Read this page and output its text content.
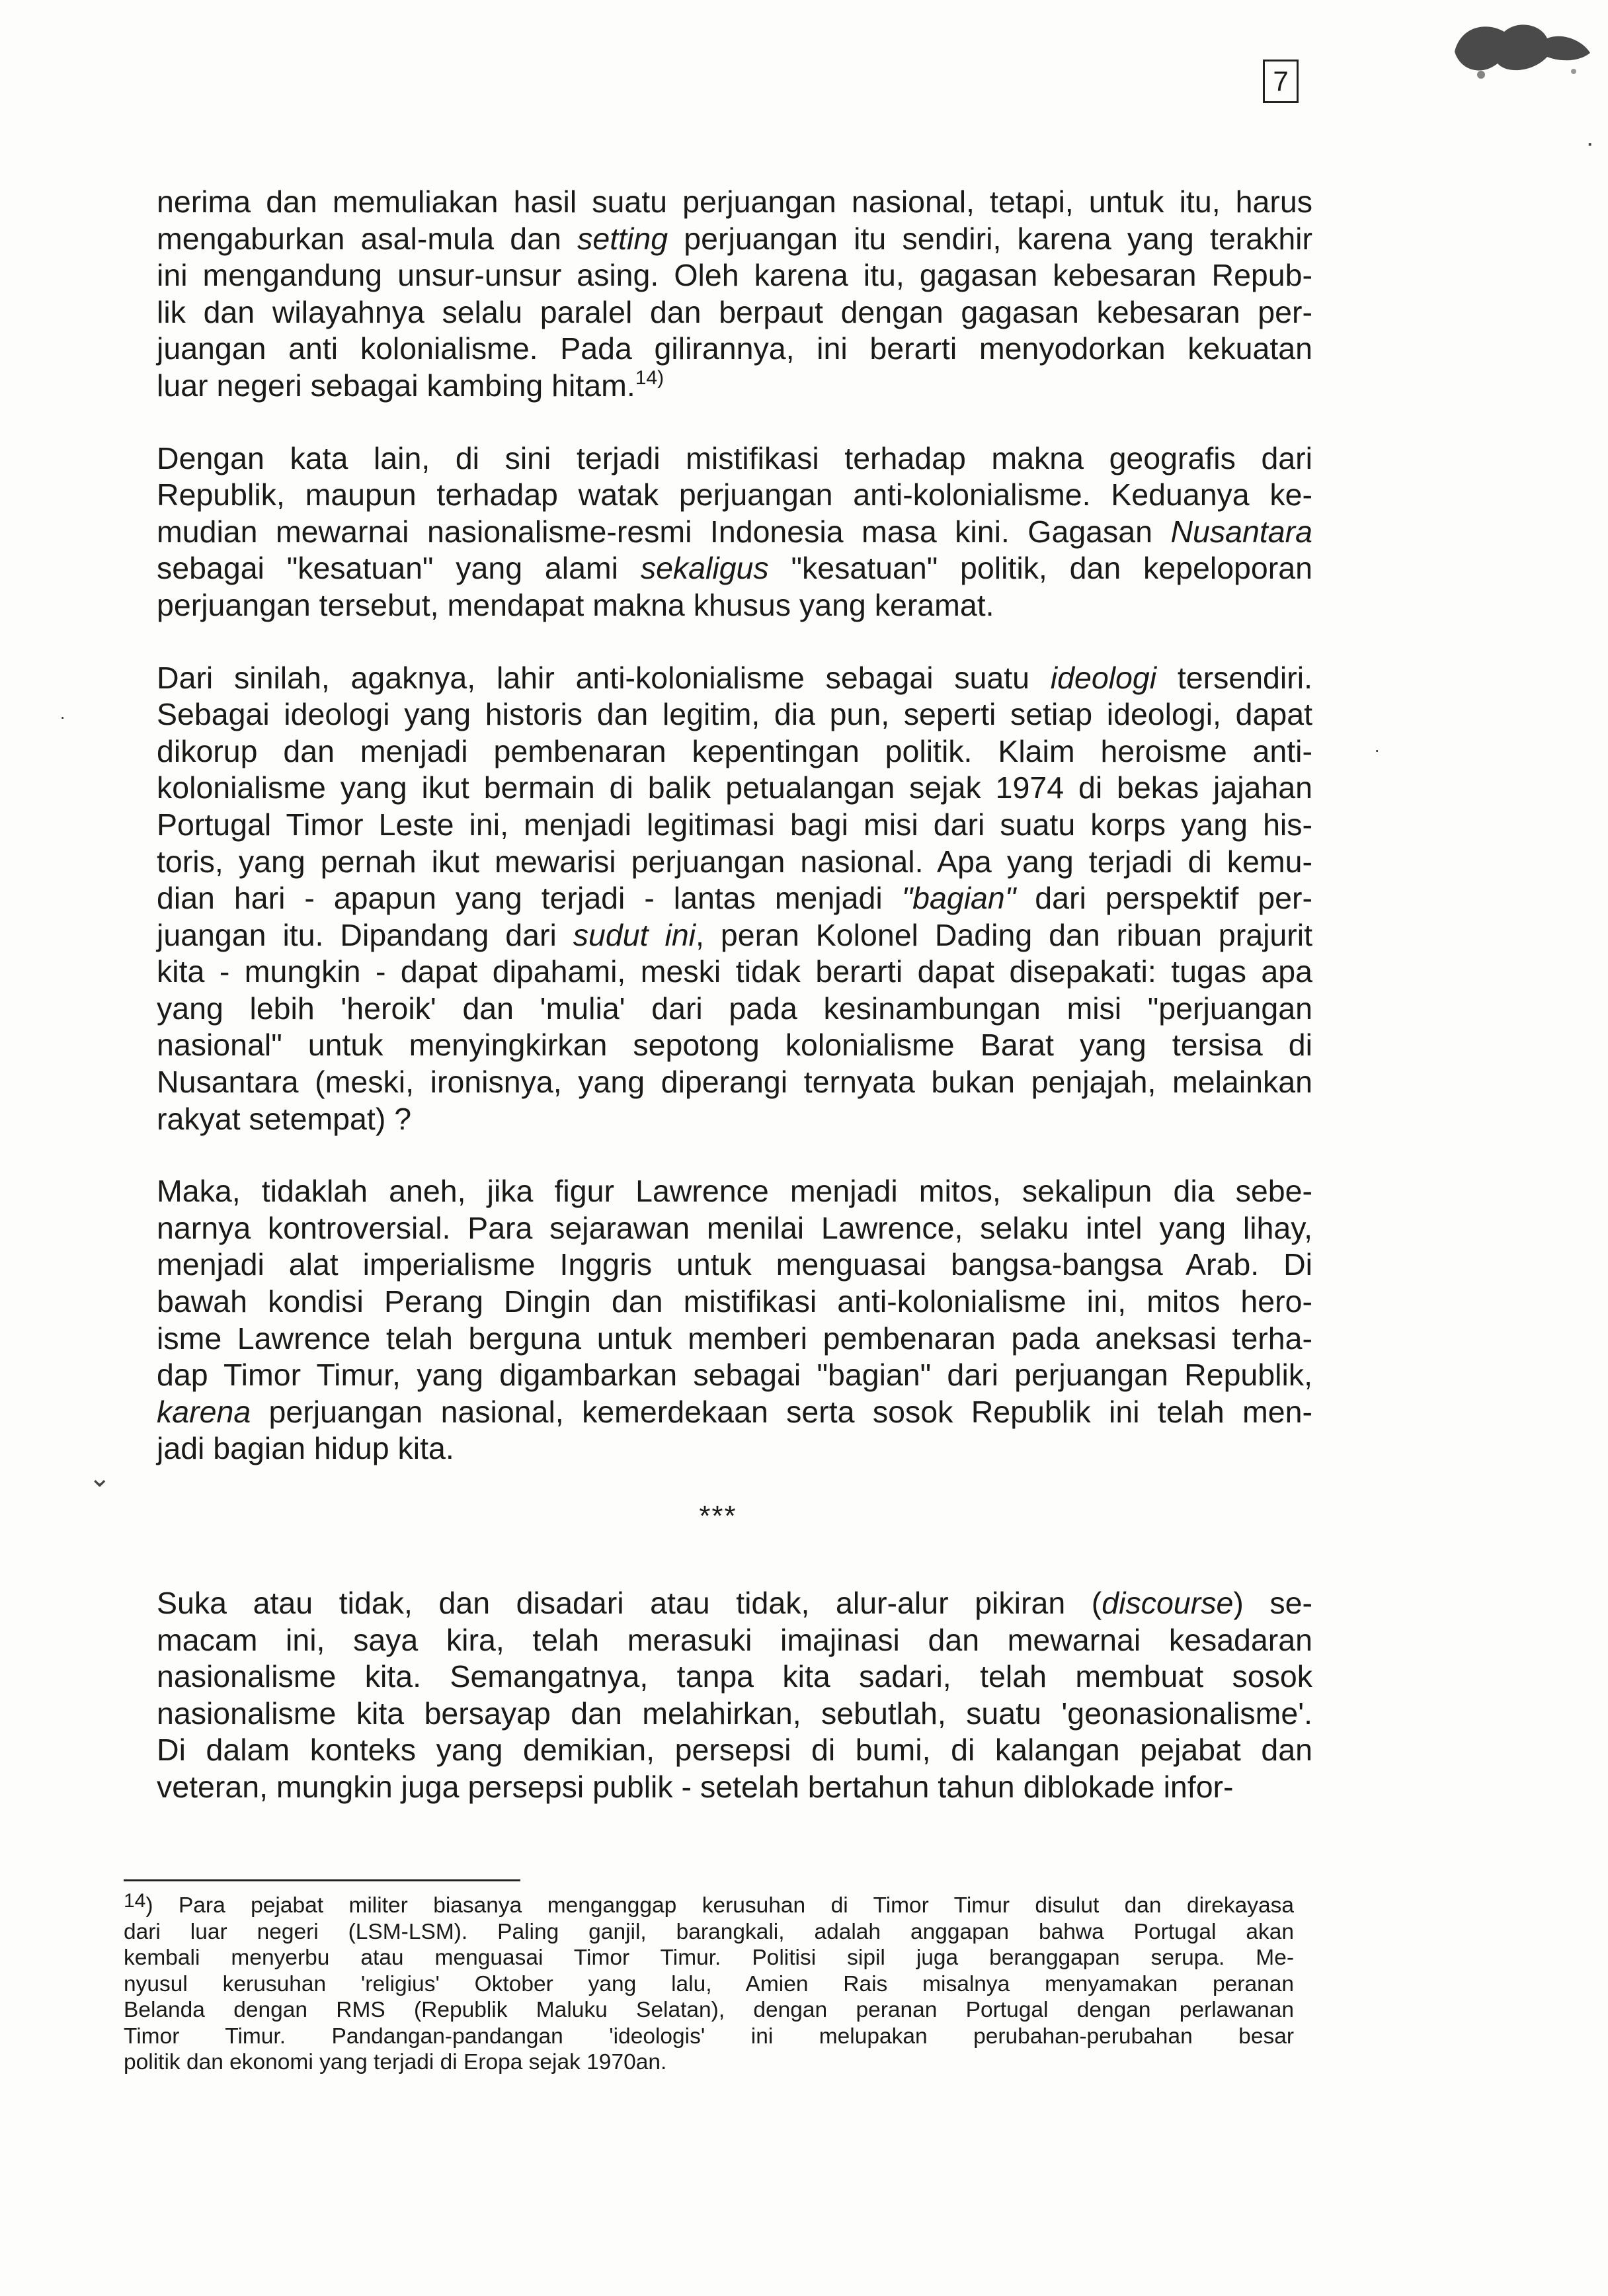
7
·
·
·
⌄
nerima dan memuliakan hasil suatu perjuangan nasional, tetapi, untuk itu, harus
mengaburkan asal-mula dan setting perjuangan itu sendiri, karena yang terakhir
ini mengandung unsur-unsur asing. Oleh karena itu, gagasan kebesaran Repub-
lik dan wilayahnya selalu paralel dan berpaut dengan gagasan kebesaran per-
juangan anti kolonialisme. Pada gilirannya, ini berarti menyodorkan kekuatan
luar negeri sebagai kambing hitam.$^{14)}$
Dengan kata lain, di sini terjadi mistifikasi terhadap makna geografis dari
Republik, maupun terhadap watak perjuangan anti-kolonialisme. Keduanya ke-
mudian mewarnai nasionalisme-resmi Indonesia masa kini. Gagasan Nusantara
sebagai "kesatuan" yang alami sekaligus "kesatuan" politik, dan kepeloporan
perjuangan tersebut, mendapat makna khusus yang keramat.
Dari sinilah, agaknya, lahir anti-kolonialisme sebagai suatu ideologi tersendiri.
Sebagai ideologi yang historis dan legitim, dia pun, seperti setiap ideologi, dapat
dikorup dan menjadi pembenaran kepentingan politik. Klaim heroisme anti-
kolonialisme yang ikut bermain di balik petualangan sejak 1974 di bekas jajahan
Portugal Timor Leste ini, menjadi legitimasi bagi misi dari suatu korps yang his-
toris, yang pernah ikut mewarisi perjuangan nasional. Apa yang terjadi di kemu-
dian hari - apapun yang terjadi - lantas menjadi "bagian" dari perspektif per-
juangan itu. Dipandang dari sudut ini, peran Kolonel Dading dan ribuan prajurit
kita - mungkin - dapat dipahami, meski tidak berarti dapat disepakati: tugas apa
yang lebih 'heroik' dan 'mulia' dari pada kesinambungan misi "perjuangan
nasional" untuk menyingkirkan sepotong kolonialisme Barat yang tersisa di
Nusantara (meski, ironisnya, yang diperangi ternyata bukan penjajah, melainkan
rakyat setempat) ?
Maka, tidaklah aneh, jika figur Lawrence menjadi mitos, sekalipun dia sebe-
narnya kontroversial. Para sejarawan menilai Lawrence, selaku intel yang lihay,
menjadi alat imperialisme Inggris untuk menguasai bangsa-bangsa Arab. Di
bawah kondisi Perang Dingin dan mistifikasi anti-kolonialisme ini, mitos hero-
isme Lawrence telah berguna untuk memberi pembenaran pada aneksasi terha-
dap Timor Timur, yang digambarkan sebagai "bagian" dari perjuangan Republik,
karena perjuangan nasional, kemerdekaan serta sosok Republik ini telah men-
jadi bagian hidup kita.
***
Suka atau tidak, dan disadari atau tidak, alur-alur pikiran (discourse) se-
macam ini, saya kira, telah merasuki imajinasi dan mewarnai kesadaran
nasionalisme kita. Semangatnya, tanpa kita sadari, telah membuat sosok
nasionalisme kita bersayap dan melahirkan, sebutlah, suatu 'geonasionalisme'.
Di dalam konteks yang demikian, persepsi di bumi, di kalangan pejabat dan
veteran, mungkin juga persepsi publik - setelah bertahun tahun diblokade infor-
$^{14}$) Para pejabat militer biasanya menganggap kerusuhan di Timor Timur disulut dan direkayasa
dari luar negeri (LSM-LSM). Paling ganjil, barangkali, adalah anggapan bahwa Portugal akan
kembali menyerbu atau menguasai Timor Timur. Politisi sipil juga beranggapan serupa. Me-
nyusul kerusuhan 'religius' Oktober yang lalu, Amien Rais misalnya menyamakan peranan
Belanda dengan RMS (Republik Maluku Selatan), dengan peranan Portugal dengan perlawanan
Timor Timur. Pandangan-pandangan 'ideologis' ini melupakan perubahan-perubahan besar
politik dan ekonomi yang terjadi di Eropa sejak 1970an.
